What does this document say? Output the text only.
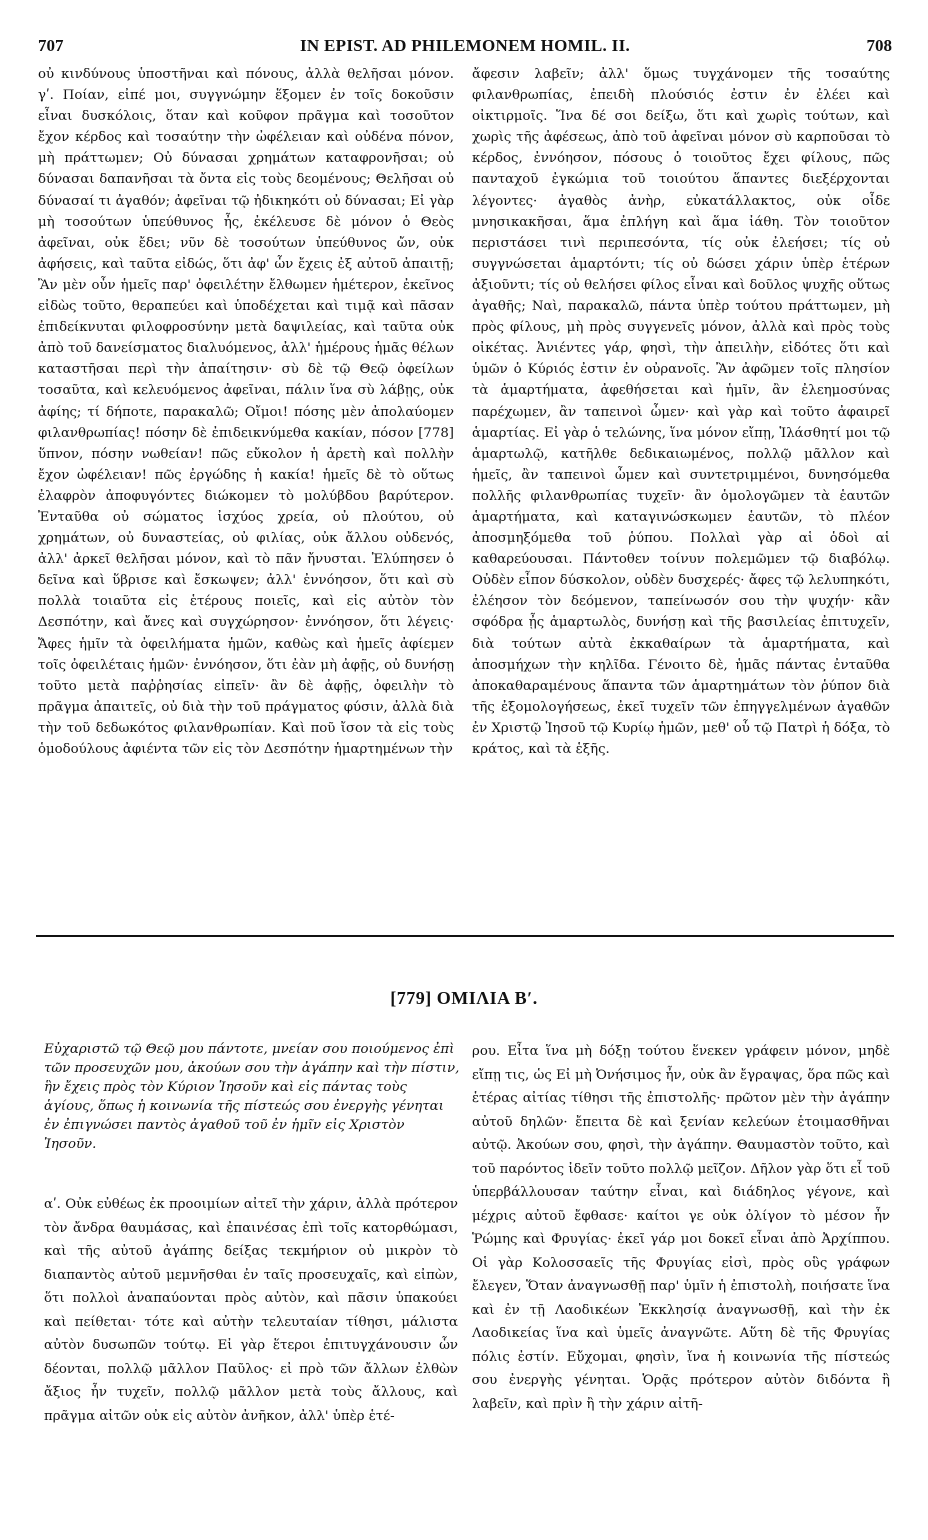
707	IN EPIST. AD PHILEMONEM HOMIL. II.	708

οὐ κινδύνους ὑποστῆναι καὶ πόνους, ἀλλὰ θελῆσαι μόνον. γʹ. Ποίαν, εἰπέ μοι, συγγνώμην ἕξομεν ἐν τοῖς δοκοῦσιν εἶναι δυσκόλοις, ὅταν καὶ κοῦφον πρᾶγμα καὶ τοσοῦτον ἔχον κέρδος καὶ τοσαύτην τὴν ὠφέλειαν καὶ οὐδένα πόνον, μὴ πράττωμεν; Οὐ δύνασαι χρημάτων καταφρονῆσαι; οὐ δύνασαι δαπανῆσαι τὰ ὄντα εἰς τοὺς δεομένους; Θελῆσαι οὐ δύνασαί τι ἀγαθόν; ἀφεῖναι τῷ ἠδικηκότι οὐ δύνασαι; Εἰ γὰρ μὴ τοσούτων ὑπεύθυνος ἦς, ἐκέλευσε δὲ μόνον ὁ Θεὸς ἀφεῖναι, οὐκ ἔδει; νῦν δὲ τοσούτων ὑπεύθυνος ὤν, οὐκ ἀφήσεις, καὶ ταῦτα εἰδώς, ὅτι ἀφ' ὧν ἔχεις ἐξ αὐτοῦ ἀπαιτῇ; Ἂν μὲν οὖν ἡμεῖς παρ' ὀφειλέτην ἔλθωμεν ἡμέτερον, ἐκεῖνος εἰδὼς τοῦτο, θεραπεύει καὶ ὑποδέχεται καὶ τιμᾷ καὶ πᾶσαν ἐπιδείκνυται φιλοφροσύνην μετὰ δαψιλείας, καὶ ταῦτα οὐκ ἀπὸ τοῦ δανείσματος διαλυόμενος, ἀλλ' ἡμέρους ἡμᾶς θέλων καταστῆσαι περὶ τὴν ἀπαίτησιν· σὺ δὲ τῷ Θεῷ ὀφείλων τοσαῦτα, καὶ κελευόμενος ἀφεῖναι, πάλιν ἵνα σὺ λάβῃς, οὐκ ἀφίης; τί δήποτε, παρακαλῶ; Οἴμοι! πόσης μὲν ἀπολαύομεν φιλανθρωπίας! πόσην δὲ ἐπιδεικνύμεθα κακίαν, πόσον [778] ὕπνον, πόσην νωθείαν! πῶς εὔκολον ἡ ἀρετὴ καὶ πολλὴν ἔχον ὠφέλειαν! πῶς ἐργώδης ἡ κακία! ἡμεῖς δὲ τὸ οὕτως ἐλαφρὸν ἀποφυγόντες διώκομεν τὸ μολύβδου βαρύτερον. Ἐνταῦθα οὐ σώματος ἰσχύος χρεία, οὐ πλούτου, οὐ χρημάτων, οὐ δυναστείας, οὐ φιλίας, οὐκ ἄλλου οὐδενός, ἀλλ' ἀρκεῖ θελῆσαι μόνον, καὶ τὸ πᾶν ἤνυσται. Ἐλύπησεν ὁ δεῖνα καὶ ὕβρισε καὶ ἔσκωψεν; ἀλλ' ἐννόησον, ὅτι καὶ σὺ πολλὰ τοιαῦτα εἰς ἑτέρους ποιεῖς, καὶ εἰς αὐτὸν τὸν Δεσπότην, καὶ ἄνες καὶ συγχώρησον· ἐννόησον, ὅτι λέγεις· Ἄφες ἡμῖν τὰ ὀφειλήματα ἡμῶν, καθὼς καὶ ἡμεῖς ἀφίεμεν τοῖς ὀφειλέταις ἡμῶν· ἐννόησον, ὅτι ἐὰν μὴ ἀφῇς, οὐ δυνήσῃ τοῦτο μετὰ παῤῥησίας εἰπεῖν· ἂν δὲ ἀφῇς, ὀφειλὴν τὸ πρᾶγμα ἀπαιτεῖς, οὐ διὰ τὴν τοῦ πράγματος φύσιν, ἀλλὰ διὰ τὴν τοῦ δεδωκότος φιλανθρωπίαν. Καὶ ποῦ ἴσον τὰ εἰς τοὺς ὁμοδούλους ἀφιέντα τῶν εἰς τὸν Δεσπότην ἡμαρτημένων τὴν

ἄφεσιν λαβεῖν; ἀλλ' ὅμως τυγχάνομεν τῆς τοσαύτης φιλανθρωπίας, ἐπειδὴ πλούσιός ἐστιν ἐν ἐλέει καὶ οἰκτιρμοῖς. Ἵνα δέ σοι δείξω, ὅτι καὶ χωρὶς τούτων, καὶ χωρὶς τῆς ἀφέσεως, ἀπὸ τοῦ ἀφεῖναι μόνον σὺ καρποῦσαι τὸ κέρδος, ἐννόησον, πόσους ὁ τοιοῦτος ἔχει φίλους, πῶς πανταχοῦ ἐγκώμια τοῦ τοιούτου ἅπαντες διεξέρχονται λέγοντες· ἀγαθὸς ἀνὴρ, εὐκατάλλακτος, οὐκ οἶδε μνησικακῆσαι, ἅμα ἐπλήγη καὶ ἅμα ἰάθη. Τὸν τοιοῦτον περιστάσει τινὶ περιπεσόντα, τίς οὐκ ἐλεήσει; τίς οὐ συγγνώσεται ἁμαρτόντι; τίς οὐ δώσει χάριν ὑπὲρ ἑτέρων ἀξιοῦντι; τίς οὐ θελήσει φίλος εἶναι καὶ δοῦλος ψυχῆς οὕτως ἀγαθῆς; Ναὶ, παρακαλῶ, πάντα ὑπὲρ τούτου πράττωμεν, μὴ πρὸς φίλους, μὴ πρὸς συγγενεῖς μόνον, ἀλλὰ καὶ πρὸς τοὺς οἰκέτας. Ἀνιέντες γάρ, φησὶ, τὴν ἀπειλὴν, εἰδότες ὅτι καὶ ὑμῶν ὁ Κύριός ἐστιν ἐν οὐρανοῖς. Ἂν ἀφῶμεν τοῖς πλησίον τὰ ἁμαρτήματα, ἀφεθήσεται καὶ ἡμῖν, ἂν ἐλεημοσύνας παρέχωμεν, ἂν ταπεινοὶ ὦμεν· καὶ γὰρ καὶ τοῦτο ἀφαιρεῖ ἁμαρτίας. Εἰ γὰρ ὁ τελώνης, ἵνα μόνον εἴπῃ, Ἱλάσθητί μοι τῷ ἁμαρτωλῷ, κατῆλθε δεδικαιωμένος, πολλῷ μᾶλλον καὶ ἡμεῖς, ἂν ταπεινοὶ ὦμεν καὶ συντετριμμένοι, δυνησόμεθα πολλῆς φιλανθρωπίας τυχεῖν· ἂν ὁμολογῶμεν τὰ ἑαυτῶν ἁμαρτήματα, καὶ καταγινώσκωμεν ἑαυτῶν, τὸ πλέον ἀποσμηξόμεθα τοῦ ῥύπου. Πολλαὶ γὰρ αἱ ὁδοὶ αἱ καθαρεύουσαι. Πάντοθεν τοίνυν πολεμῶμεν τῷ διαβόλῳ. Οὐδὲν εἶπον δύσκολον, οὐδὲν δυσχερές· ἄφες τῷ λελυπηκότι, ἐλέησον τὸν δεόμενον, ταπείνωσόν σου τὴν ψυχήν· κἂν σφόδρα ᾖς ἁμαρτωλὸς, δυνήσῃ καὶ τῆς βασιλείας ἐπιτυχεῖν, διὰ τούτων αὐτὰ ἐκκαθαίρων τὰ ἁμαρτήματα, καὶ ἀποσμήχων τὴν κηλῖδα. Γένοιτο δὲ, ἡμᾶς πάντας ἐνταῦθα ἀποκαθαραμένους ἅπαντα τῶν ἁμαρτημάτων τὸν ῥύπον διὰ τῆς ἐξομολογήσεως, ἐκεῖ τυχεῖν τῶν ἐπηγγελμένων ἀγαθῶν ἐν Χριστῷ Ἰησοῦ τῷ Κυρίῳ ἡμῶν, μεθ' οὗ τῷ Πατρὶ ἡ δόξα, τὸ κράτος, καὶ τὰ ἑξῆς.

[779] ΟΜΙΛΙΑ Βʹ.

Εὐχαριστῶ τῷ Θεῷ μου πάντοτε, μνείαν σου ποιούμενος ἐπὶ τῶν προσευχῶν μου, ἀκούων σου τὴν ἀγάπην καὶ τὴν πίστιν, ἣν ἔχεις πρὸς τὸν Κύριον Ἰησοῦν καὶ εἰς πάντας τοὺς ἁγίους, ὅπως ἡ κοινωνία τῆς πίστεώς σου ἐνεργὴς γένηται ἐν ἐπιγνώσει παντὸς ἀγαθοῦ τοῦ ἐν ἡμῖν εἰς Χριστὸν Ἰησοῦν.

αʹ. Οὐκ εὐθέως ἐκ προοιμίων αἰτεῖ τὴν χάριν, ἀλλὰ πρότερον τὸν ἄνδρα θαυμάσας, καὶ ἐπαινέσας ἐπὶ τοῖς κατορθώμασι, καὶ τῆς αὐτοῦ ἀγάπης δείξας τεκμήριον οὐ μικρὸν τὸ διαπαντὸς αὐτοῦ μεμνῆσθαι ἐν ταῖς προσευχαῖς, καὶ εἰπὼν, ὅτι πολλοὶ ἀναπαύονται πρὸς αὐτὸν, καὶ πᾶσιν ὑπακούει καὶ πείθεται· τότε καὶ αὐτὴν τελευταίαν τίθησι, μάλιστα αὐτὸν δυσωπῶν τούτῳ. Εἰ γὰρ ἕτεροι ἐπιτυγχάνουσιν ὧν δέονται, πολλῷ μᾶλλον Παῦλος· εἰ πρὸ τῶν ἄλλων ἐλθὼν ἄξιος ἦν τυχεῖν, πολλῷ μᾶλλον μετὰ τοὺς ἄλλους, καὶ πρᾶγμα αἰτῶν οὐκ εἰς αὐτὸν ἀνῆκον, ἀλλ' ὑπὲρ ἑτέ-

ρου. Εἶτα ἵνα μὴ δόξῃ τούτου ἕνεκεν γράφειν μόνον, μηδὲ εἴπῃ τις, ὡς Εἰ μὴ Ὀνήσιμος ἦν, οὐκ ἂν ἔγραψας, ὅρα πῶς καὶ ἑτέρας αἰτίας τίθησι τῆς ἐπιστολῆς· πρῶτον μὲν τὴν ἀγάπην αὐτοῦ δηλῶν· ἔπειτα δὲ καὶ ξενίαν κελεύων ἑτοιμασθῆναι αὐτῷ. Ἀκούων σου, φησὶ, τὴν ἀγάπην. Θαυμαστὸν τοῦτο, καὶ τοῦ παρόντος ἰδεῖν τοῦτο πολλῷ μεῖζον. Δῆλον γὰρ ὅτι εἶ τοῦ ὑπερβάλλουσαν ταύτην εἶναι, καὶ διάδηλος γέγονε, καὶ μέχρις αὐτοῦ ἔφθασε· καίτοι γε οὐκ ὀλίγον τὸ μέσον ἦν Ῥώμης καὶ Φρυγίας· ἐκεῖ γάρ μοι δοκεῖ εἶναι ἀπὸ Ἀρχίππου. Οἱ γὰρ Κολοσσαεῖς τῆς Φρυγίας εἰσὶ, πρὸς οὓς γράφων ἔλεγεν, Ὅταν ἀναγνωσθῇ παρ' ὑμῖν ἡ ἐπιστολὴ, ποιήσατε ἵνα καὶ ἐν τῇ Λαοδικέων Ἐκκλησίᾳ ἀναγνωσθῇ, καὶ τὴν ἐκ Λαοδικείας ἵνα καὶ ὑμεῖς ἀναγνῶτε. Αὕτη δὲ τῆς Φρυγίας πόλις ἐστίν. Εὔχομαι, φησὶν, ἵνα ἡ κοινωνία τῆς πίστεώς σου ἐνεργὴς γένηται. Ὁρᾷς πρότερον αὐτὸν διδόντα ἢ λαβεῖν, καὶ πρὶν ἢ τὴν χάριν αἰτῆ-
